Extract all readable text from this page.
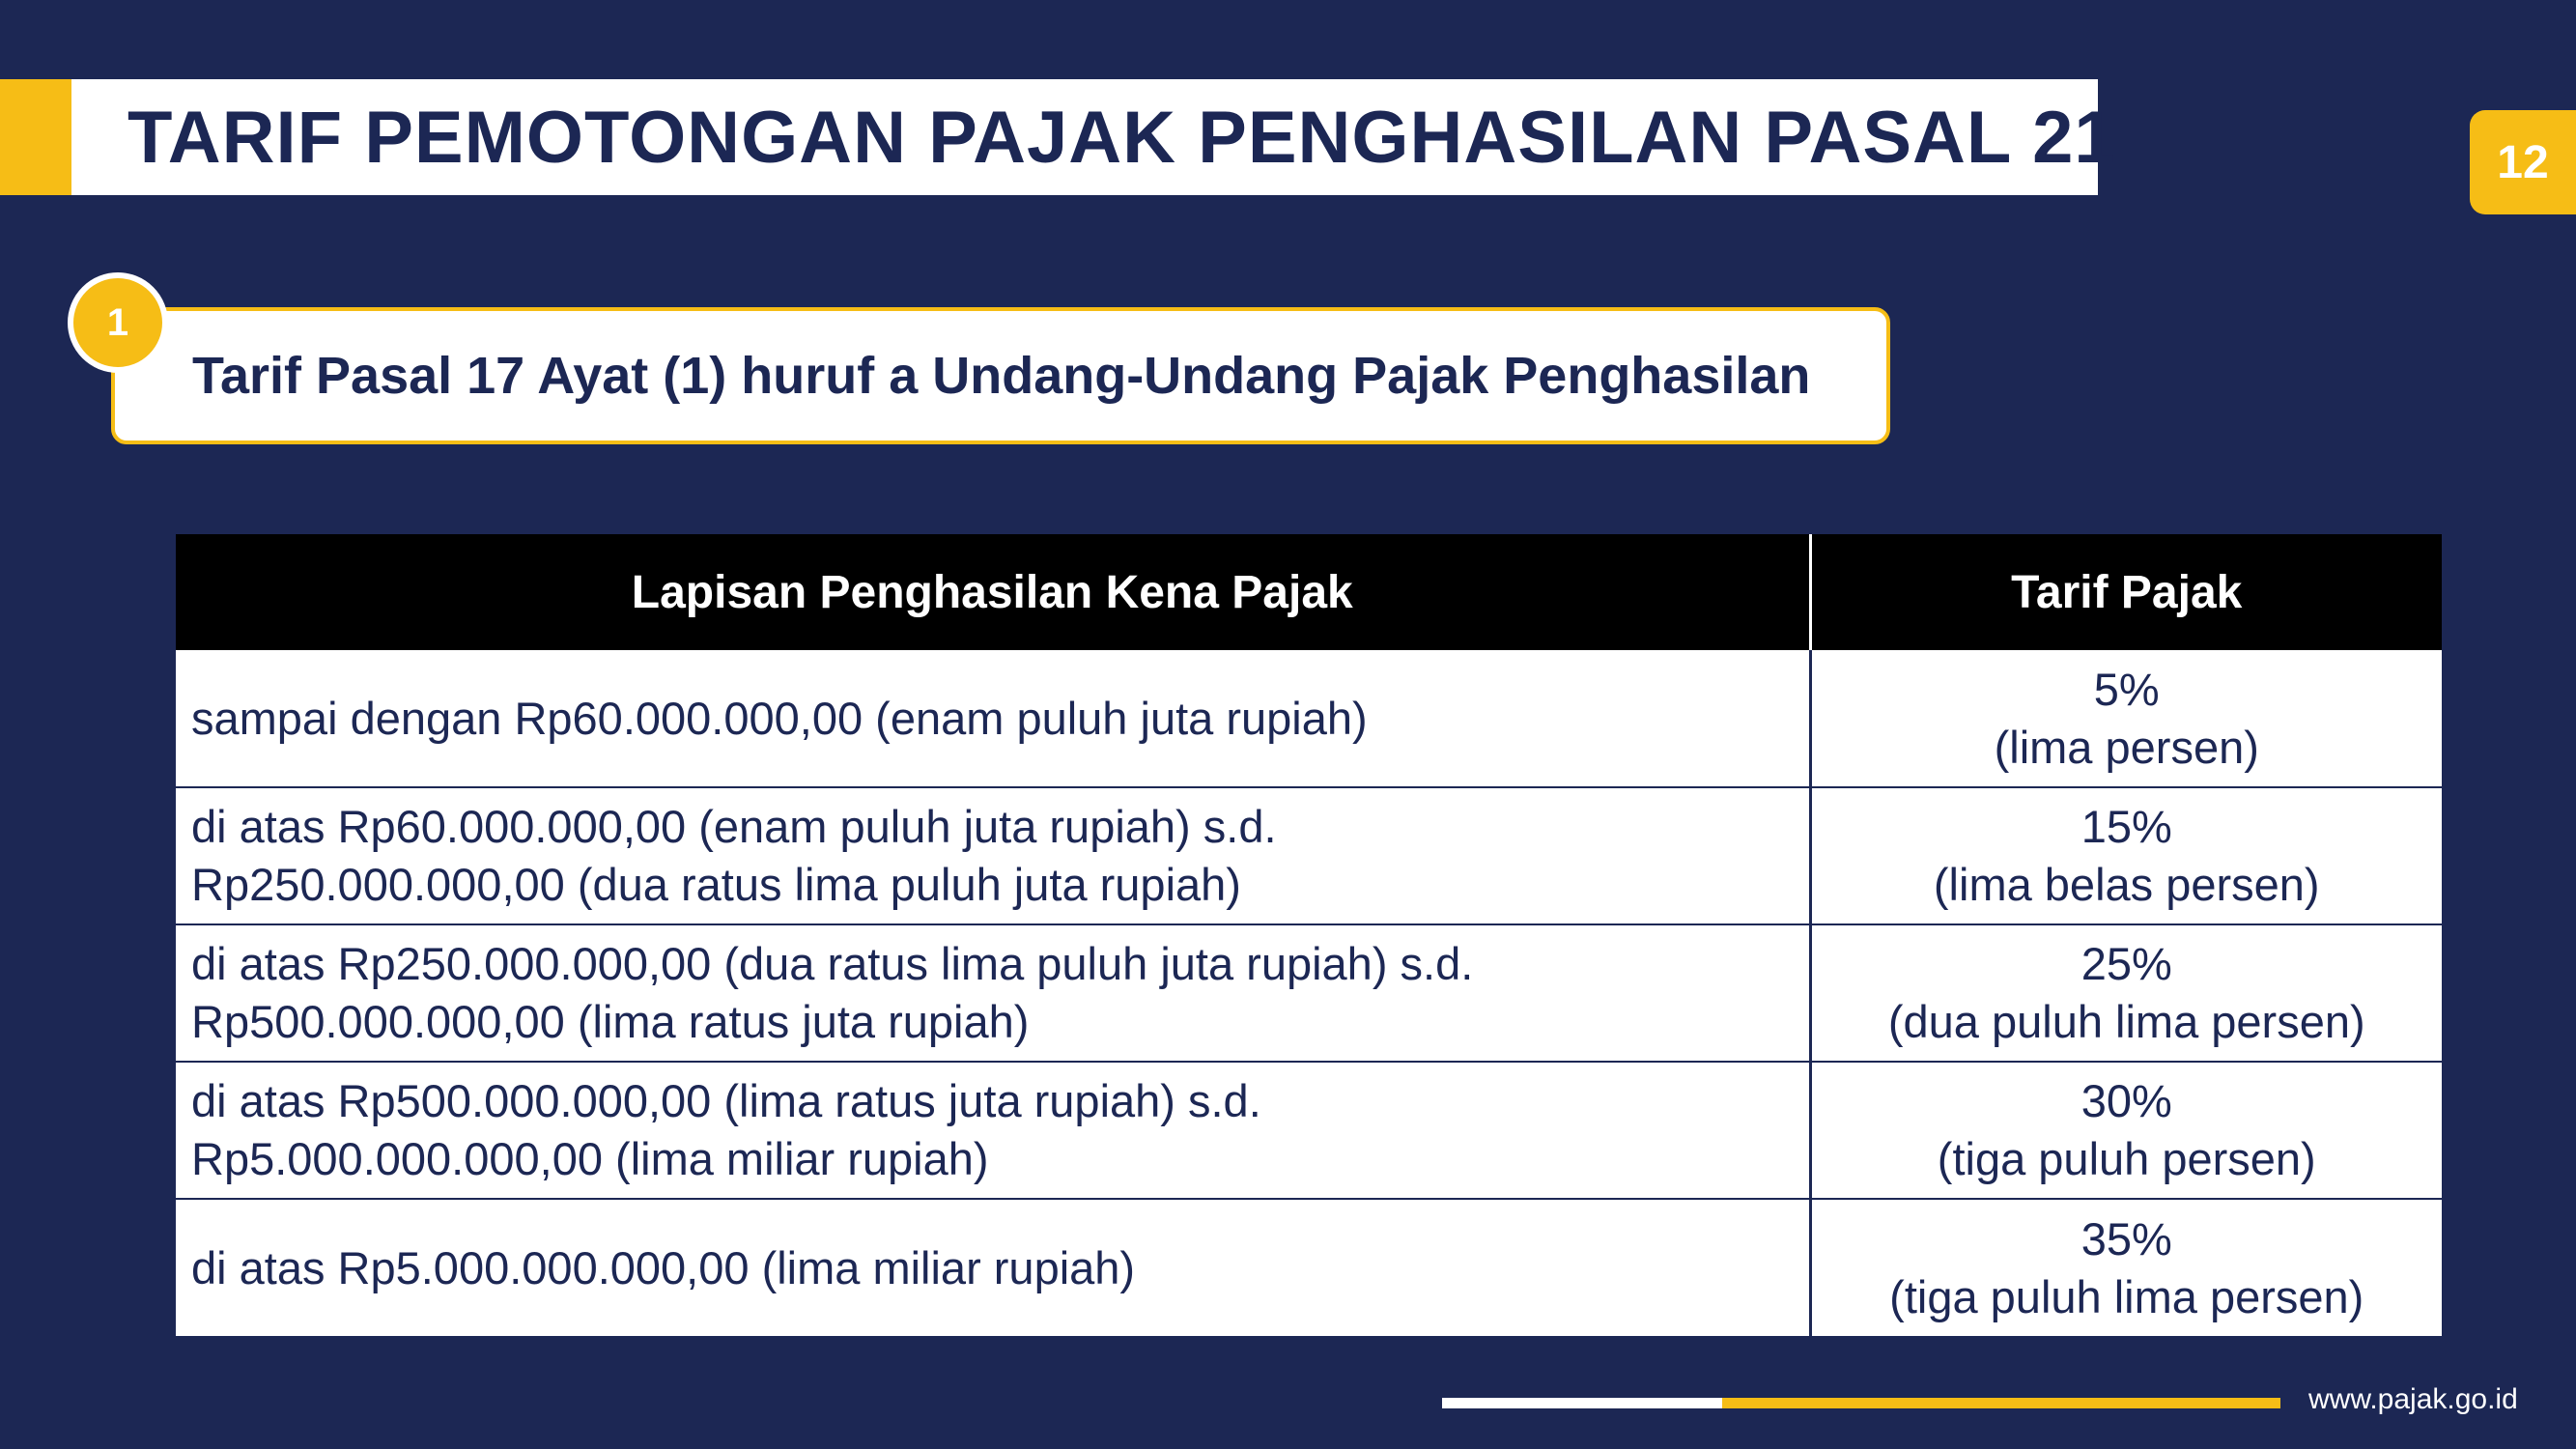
TARIF PEMOTONGAN PAJAK PENGHASILAN PASAL 21	12
Tarif Pasal 17 Ayat (1) huruf a Undang-Undang Pajak Penghasilan
1
Lapisan Penghasilan Kena Pajak	Tarif Pajak

sampai dengan Rp60.000.000,00 (enam puluh juta rupiah)	5%
(lima persen)

di atas Rp60.000.000,00 (enam puluh juta rupiah) s.d.
Rp250.000.000,00 (dua ratus lima puluh juta rupiah)	15%
(lima belas persen)

di atas Rp250.000.000,00 (dua ratus lima puluh juta rupiah) s.d.
Rp500.000.000,00 (lima ratus juta rupiah)	25%
(dua puluh lima persen)

di atas Rp500.000.000,00 (lima ratus juta rupiah) s.d.
Rp5.000.000.000,00 (lima miliar rupiah)	30%
(tiga puluh persen)

di atas Rp5.000.000.000,00 (lima miliar rupiah)	35%
(tiga puluh lima persen)
www.pajak.go.id
